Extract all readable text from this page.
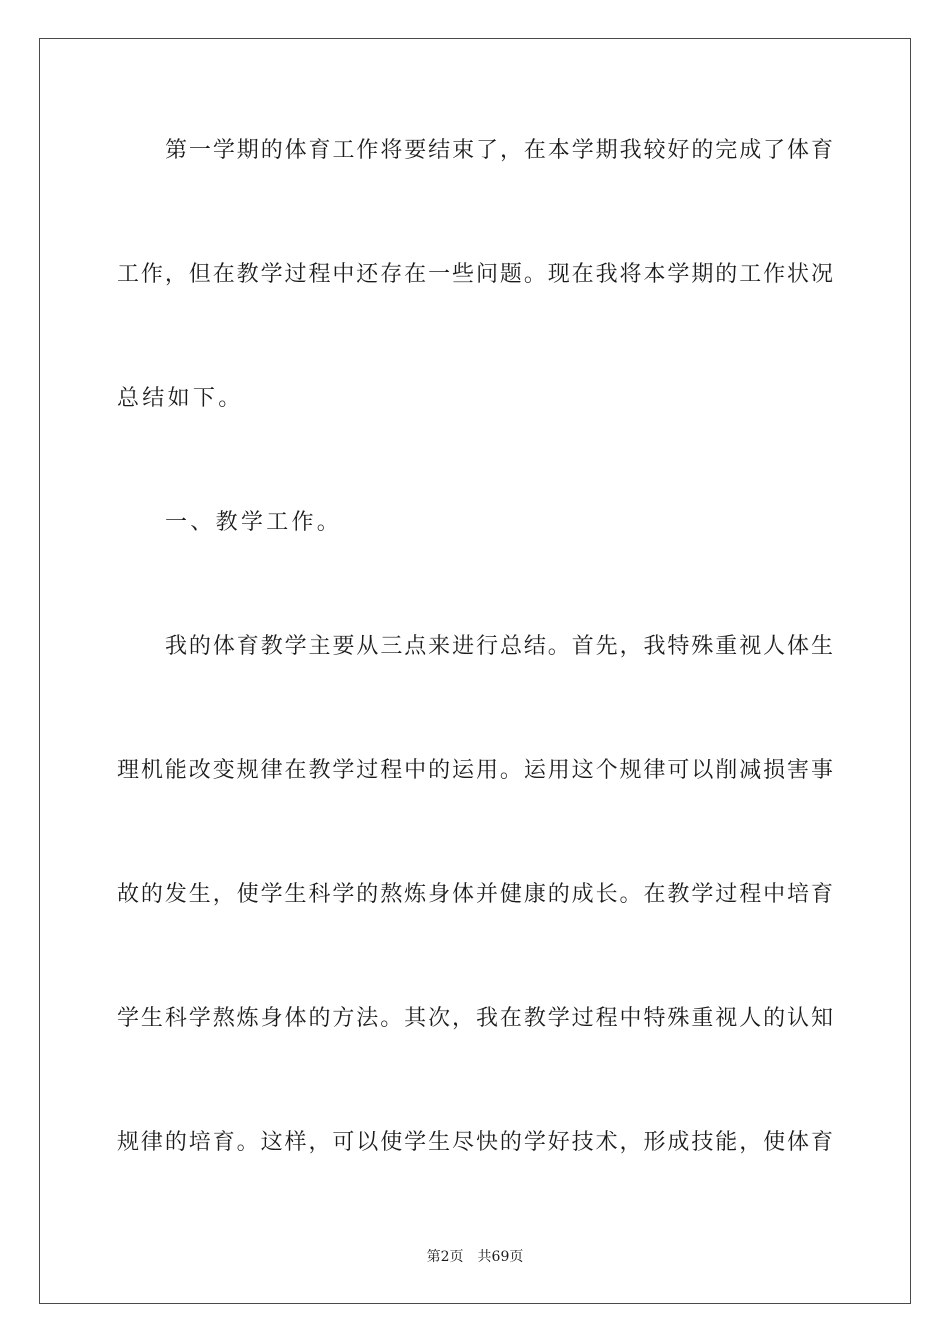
第一学期的体育工作将要结束了，在本学期我较好的完成了体育
工作，但在教学过程中还存在一些问题。现在我将本学期的工作状况
总结如下。
一、教学工作。
我的体育教学主要从三点来进行总结。首先，我特殊重视人体生
理机能改变规律在教学过程中的运用。运用这个规律可以削减损害事
故的发生，使学生科学的熬炼身体并健康的成长。在教学过程中培育
学生科学熬炼身体的方法。其次，我在教学过程中特殊重视人的认知
规律的培育。这样，可以使学生尽快的学好技术，形成技能，使体育
第2页 共69页
